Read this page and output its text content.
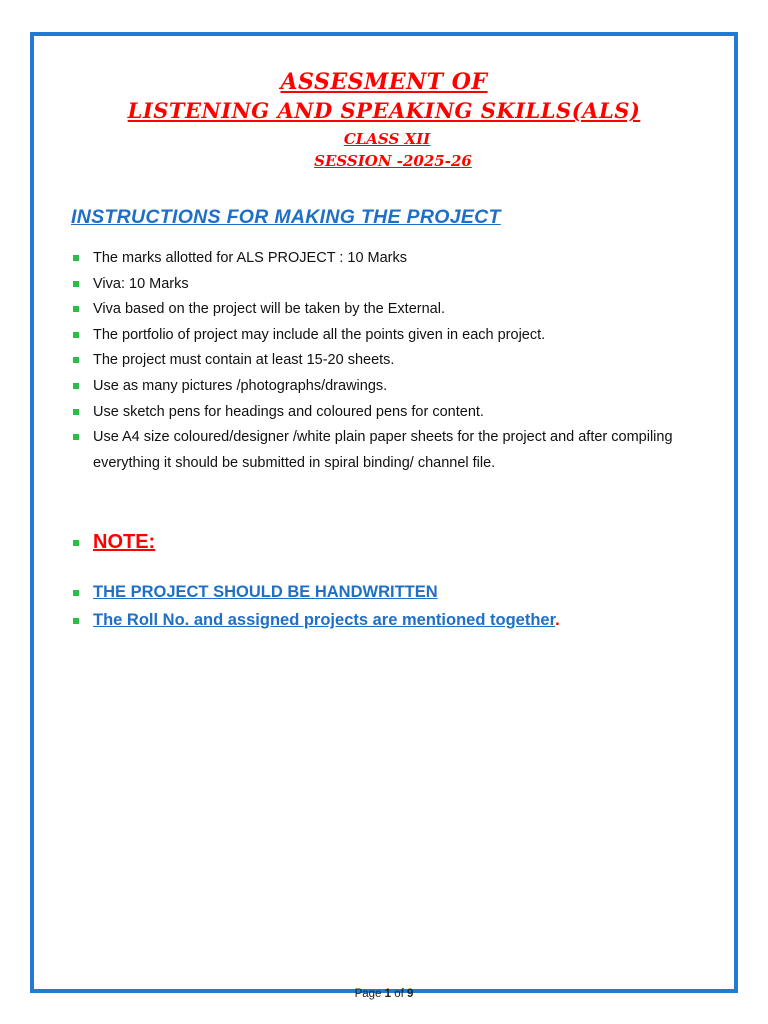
ASSESMENT OF
LISTENING AND SPEAKING SKILLS(ALS)
CLASS XII
SESSION -2025-26
INSTRUCTIONS FOR MAKING THE PROJECT
The marks allotted for ALS PROJECT : 10 Marks
Viva: 10 Marks
Viva based on the project will be taken by the External.
The portfolio of project may include all the points given in each project.
The project must contain at least 15-20 sheets.
Use as many pictures /photographs/drawings.
Use sketch pens for headings and coloured pens for content.
Use A4 size coloured/designer /white plain paper sheets for the project and after compiling everything it should be submitted in spiral binding/ channel file.
NOTE:
THE PROJECT SHOULD BE HANDWRITTEN
The Roll No. and assigned projects are mentioned together.
Page 1 of 9
